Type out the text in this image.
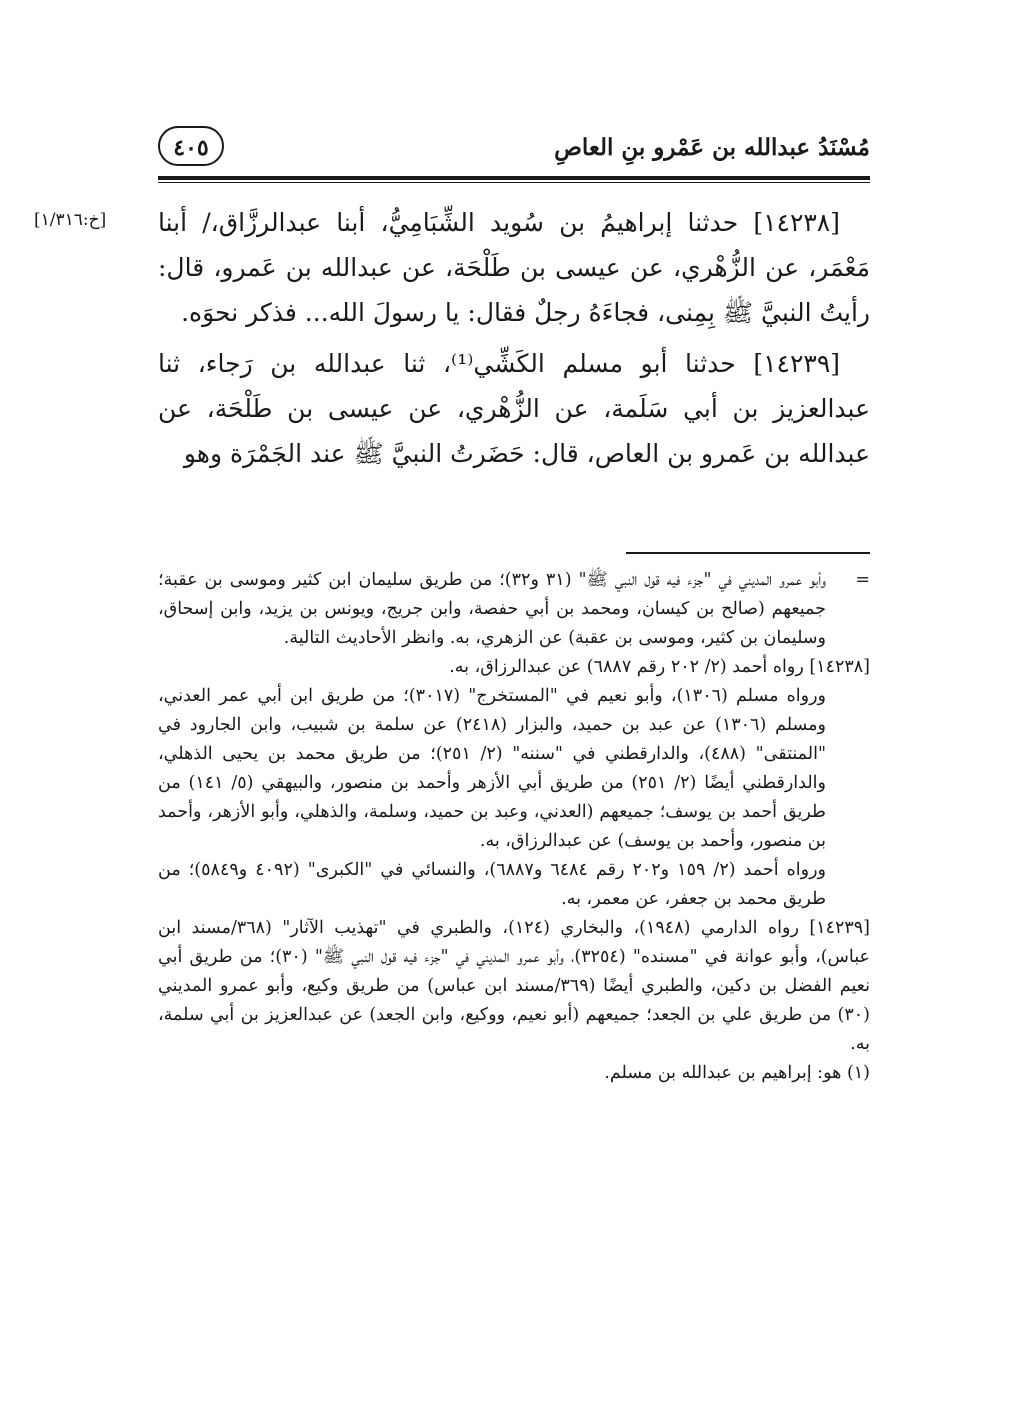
مُسْنَدُ عبدالله بن عَمْرو بنِ العاصِ
٤٠٥
[خ:١/٣١٦]	[١٤٢٣٨] حدثنا إبراهيمُ بن سُويد الشِّبَامِيُّ، أبنا عبدالرزَّاق،/ أبنا مَعْمَر، عن الزُّهْري، عن عيسى بن طَلْحَة، عن عبدالله بن عَمرو، قال: رأيتُ النبيَّ ﷺ بِمِنى، فجاءَهُ رجلٌ فقال: يا رسولَ الله... فذكر نحوَه.

[١٤٢٣٩] حدثنا أبو مسلم الكَشِّي⁽¹⁾، ثنا عبدالله بن رَجاء، ثنا عبدالعزيز بن أبي سَلَمة، عن الزُّهْري، عن عيسى بن طَلْحَة، عن عبدالله بن عَمرو بن العاص، قال: حَضَرتُ النبيَّ ﷺ عند الجَمْرَة وهو

=وأبو عمرو المديني في "جزء فيه قول النبي ﷺ" (٣١ و٣٢)؛ من طريق سليمان ابن كثير وموسى بن عقبة؛ جميعهم (صالح بن كيسان، ومحمد بن أبي حفصة، وابن جريج، ويونس بن يزيد، وابن إسحاق، وسليمان بن كثير، وموسى بن عقبة) عن الزهري، به. وانظر الأحاديث التالية.

[١٤٢٣٨] رواه أحمد (٢/ ٢٠٢ رقم ٦٨٨٧) عن عبدالرزاق، به.

ورواه مسلم (١٣٠٦)، وأبو نعيم في "المستخرج" (٣٠١٧)؛ من طريق ابن أبي عمر العدني، ومسلم (١٣٠٦) عن عبد بن حميد، والبزار (٢٤١٨) عن سلمة بن شبيب، وابن الجارود في "المنتقى" (٤٨٨)، والدارقطني في "سننه" (٢/ ٢٥١)؛ من طريق محمد بن يحيى الذهلي، والدارقطني أيضًا (٢/ ٢٥١) من طريق أبي الأزهر وأحمد بن منصور، والبيهقي (٥/ ١٤١) من طريق أحمد بن يوسف؛ جميعهم (العدني، وعبد بن حميد، وسلمة، والذهلي، وأبو الأزهر، وأحمد بن منصور، وأحمد بن يوسف) عن عبدالرزاق، به.

ورواه أحمد (٢/ ١٥٩ و٢٠٢ رقم ٦٤٨٤ و٦٨٨٧)، والنسائي في "الكبرى" (٤٠٩٢ و٥٨٤٩)؛ من طريق محمد بن جعفر، عن معمر، به.

[١٤٢٣٩] رواه الدارمي (١٩٤٨)، والبخاري (١٢٤)، والطبري في "تهذيب الآثار" (٣٦٨/مسند ابن عباس)، وأبو عوانة في "مسنده" (٣٢٥٤)، وأبو عمرو المديني في "جزء فيه قول النبي ﷺ" (٣٠)؛ من طريق أبي نعيم الفضل بن دكين، والطبري أيضًا (٣٦٩/مسند ابن عباس) من طريق وكيع، وأبو عمرو المديني (٣٠) من طريق علي بن الجعد؛ جميعهم (أبو نعيم، ووكيع، وابن الجعد) عن عبدالعزيز بن أبي سلمة، به.

(١) هو: إبراهيم بن عبدالله بن مسلم.
